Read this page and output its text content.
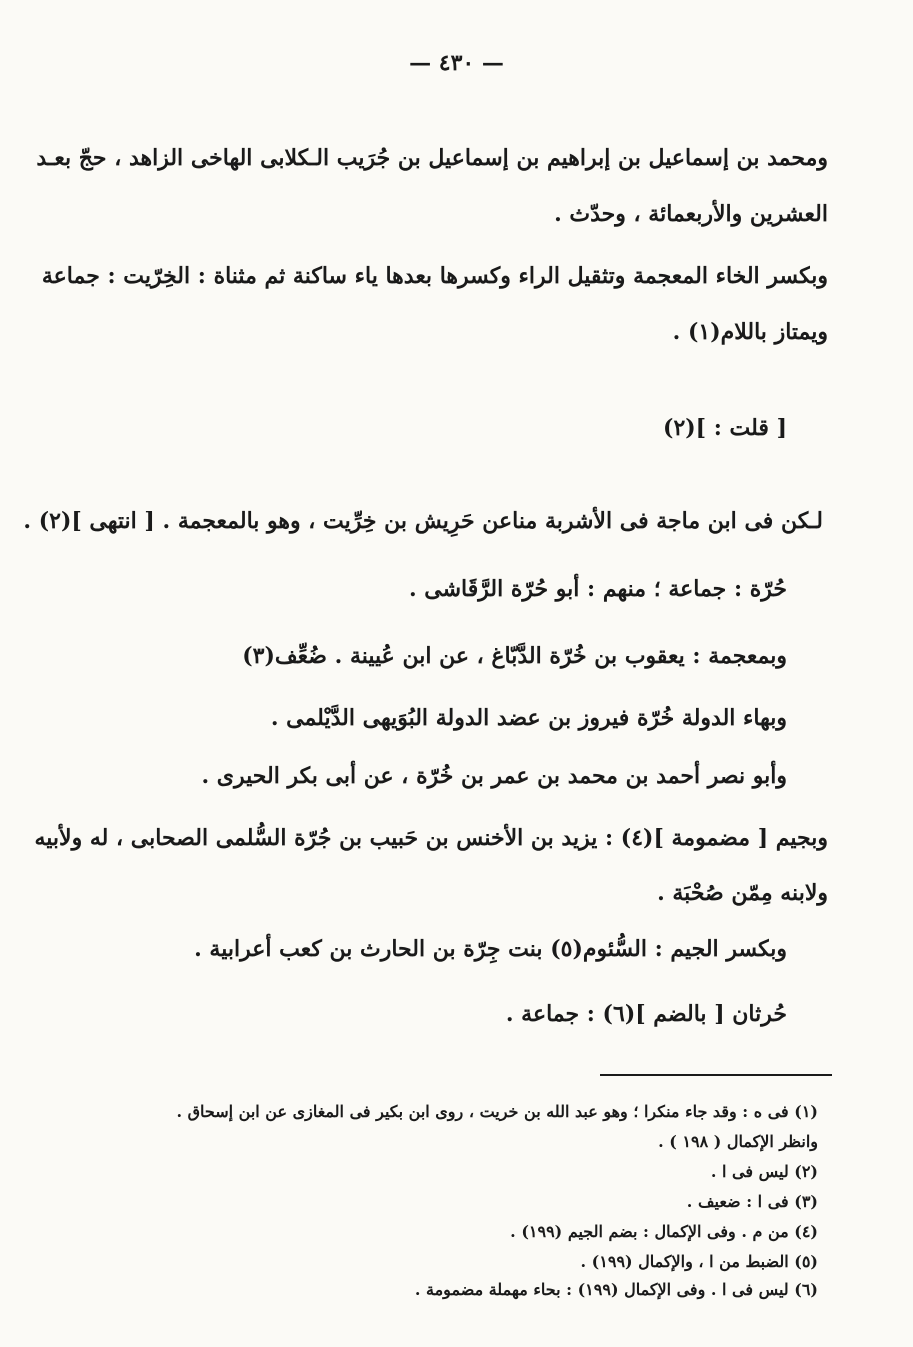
— ٤٣٠ —
ومحمد بن إسماعيل بن إبراهيم بن إسماعيل بن جُرَيب الـكلابى الهاخى الزاهد ، حجّ بعـد
العشرين والأربعمائة ، وحدّث .
وبكسر الخاء المعجمة وتثقيل الراء وكسرها بعدها ياء ساكنة ثم مثناة : الخِرّيت : جماعة
ويمتاز باللام(١) .
[ قلت : ](٢)
لـكن فى ابن ماجة فى الأشربة مناعن حَرِيش بن خِرِّيت ، وهو بالمعجمة . [ انتهى ](٢) .
حُرّة : جماعة ؛ منهم : أبو حُرّة الرَّقَاشى .
وبمعجمة : يعقوب بن خُرّة الدَّبّاغ ، عن ابن عُيينة . ضُعِّف(٣)
وبهاء الدولة خُرّة فيروز بن عضد الدولة البُوَيهى الدَّيْلمى .
وأبو نصر أحمد بن محمد بن عمر بن خُرّة ، عن أبى بكر الحيرى .
وبجيم [ مضمومة ](٤) : يزيد بن الأخنس بن حَبيب بن جُرّة السُّلمى الصحابى ، له ولأبيه
ولابنه مِمّن صُحْبَة .
وبكسر الجيم : السُّئوم(٥) بنت جِرّة بن الحارث بن كعب أعرابية .
حُرثان [ بالضم ](٦) : جماعة .
(١) فى ه : وقد جاء منكرا ؛ وهو عبد الله بن خريت ، روى ابن بكير فى المغازى عن ابن إسحاق .
وانظر الإكمال ( ١٩٨ ) .
(٢) ليس فى ا .
(٣) فى ا : ضعيف .
(٤) من م . وفى الإكمال : بضم الجيم (١٩٩) .
(٥) الضبط من ا ، والإكمال (١٩٩) .
(٦) ليس فى ا . وفى الإكمال (١٩٩) : بحاء مهملة مضمومة .
